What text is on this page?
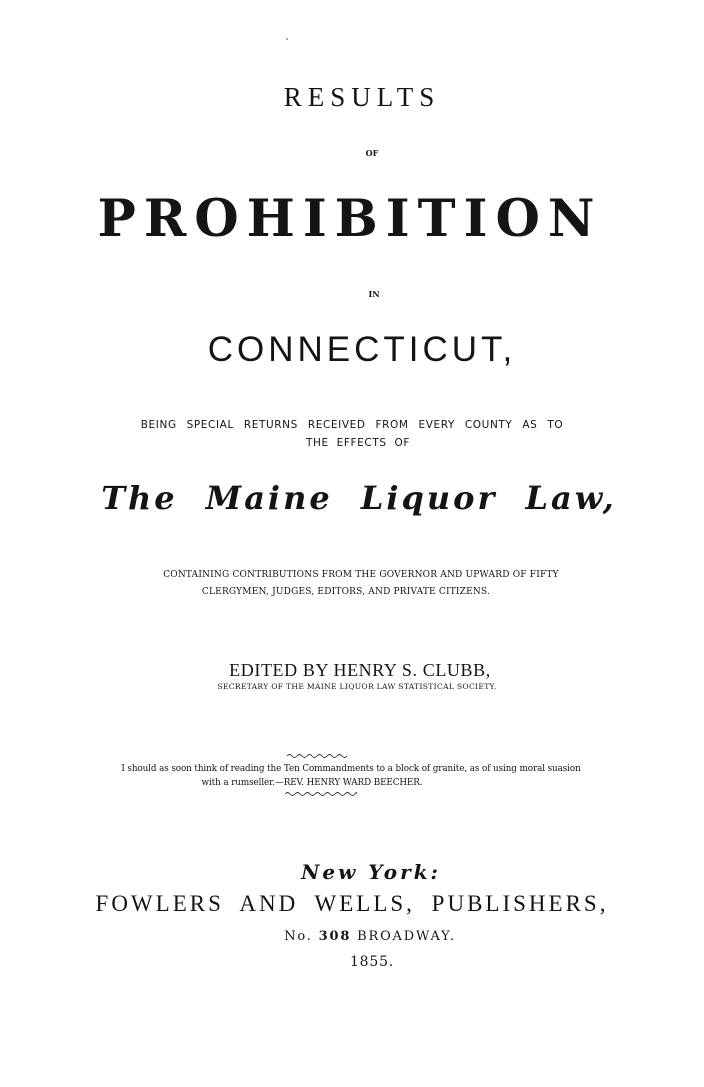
RESULTS
OF
PROHIBITION
IN
CONNECTICUT,
BEING SPECIAL RETURNS RECEIVED FROM EVERY COUNTY AS TO
THE EFFECTS OF
The Maine Liquor Law,
CONTAINING CONTRIBUTIONS FROM THE GOVERNOR AND UPWARD OF FIFTY
CLERGYMEN, JUDGES, EDITORS, AND PRIVATE CITIZENS.
EDITED BY HENRY S. CLUBB,
SECRETARY OF THE MAINE LIQUOR LAW STATISTICAL SOCIETY.
I should as soon think of reading the Ten Commandments to a block of granite, as of using moral suasion
with a rumseller.—REV. HENRY WARD BEECHER.
New York:
FOWLERS AND WELLS, PUBLISHERS,
No. 308 BROADWAY.
1855.
